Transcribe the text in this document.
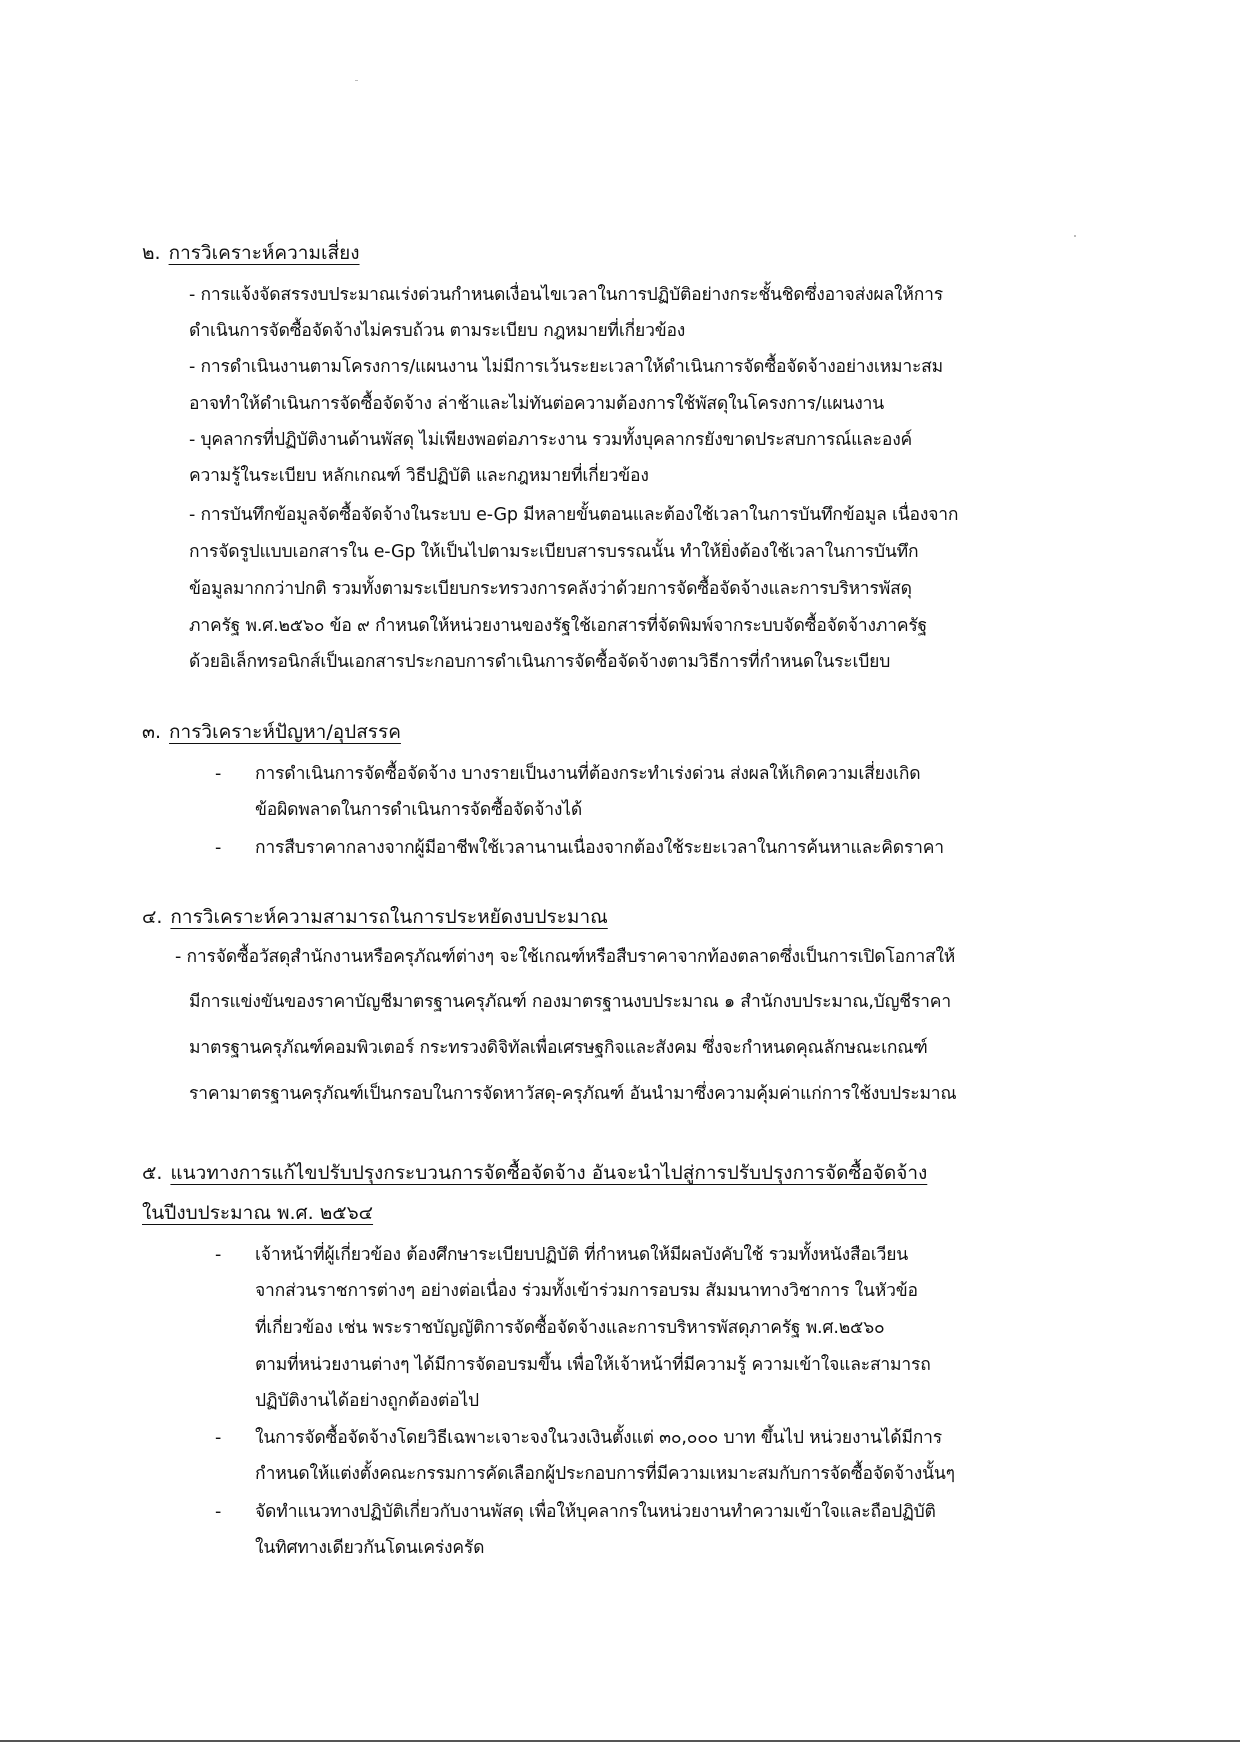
๒. การวิเคราะห์ความเสี่ยง
- การแจ้งจัดสรรงบประมาณเร่งด่วนกำหนดเงื่อนไขเวลาในการปฏิบัติอย่างกระชั้นชิดซึ่งอาจส่งผลให้การ
ดำเนินการจัดซื้อจัดจ้างไม่ครบถ้วน ตามระเบียบ กฎหมายที่เกี่ยวข้อง
- การดำเนินงานตามโครงการ/แผนงาน ไม่มีการเว้นระยะเวลาให้ดำเนินการจัดซื้อจัดจ้างอย่างเหมาะสม
อาจทำให้ดำเนินการจัดซื้อจัดจ้าง ล่าช้าและไม่ทันต่อความต้องการใช้พัสดุในโครงการ/แผนงาน
- บุคลากรที่ปฏิบัติงานด้านพัสดุ ไม่เพียงพอต่อภาระงาน รวมทั้งบุคลากรยังขาดประสบการณ์และองค์
ความรู้ในระเบียบ หลักเกณฑ์ วิธีปฏิบัติ และกฎหมายที่เกี่ยวข้อง
- การบันทึกข้อมูลจัดซื้อจัดจ้างในระบบ e-Gp มีหลายขั้นตอนและต้องใช้เวลาในการบันทึกข้อมูล เนื่องจาก
การจัดรูปแบบเอกสารใน e-Gp ให้เป็นไปตามระเบียบสารบรรณนั้น ทำให้ยิ่งต้องใช้เวลาในการบันทึก
ข้อมูลมากกว่าปกติ รวมทั้งตามระเบียบกระทรวงการคลังว่าด้วยการจัดซื้อจัดจ้างและการบริหารพัสดุ
ภาครัฐ พ.ศ.๒๕๖๐ ข้อ ๙ กำหนดให้หน่วยงานของรัฐใช้เอกสารที่จัดพิมพ์จากระบบจัดซื้อจัดจ้างภาครัฐ
ด้วยอิเล็กทรอนิกส์เป็นเอกสารประกอบการดำเนินการจัดซื้อจัดจ้างตามวิธีการที่กำหนดในระเบียบ
๓. การวิเคราะห์ปัญหา/อุปสรรค
- การดำเนินการจัดซื้อจัดจ้าง บางรายเป็นงานที่ต้องกระทำเร่งด่วน ส่งผลให้เกิดความเสี่ยงเกิด
ข้อผิดพลาดในการดำเนินการจัดซื้อจัดจ้างได้
- การสืบราคากลางจากผู้มีอาชีพใช้เวลานานเนื่องจากต้องใช้ระยะเวลาในการค้นหาและคิดราคา
๔. การวิเคราะห์ความสามารถในการประหยัดงบประมาณ
- การจัดซื้อวัสดุสำนักงานหรือครุภัณฑ์ต่างๆ จะใช้เกณฑ์หรือสืบราคาจากท้องตลาดซึ่งเป็นการเปิดโอกาสให้
มีการแข่งขันของราคาบัญชีมาตรฐานครุภัณฑ์ กองมาตรฐานงบประมาณ ๑ สำนักงบประมาณ,บัญชีราคา
มาตรฐานครุภัณฑ์คอมพิวเตอร์ กระทรวงดิจิทัลเพื่อเศรษฐกิจและสังคม ซึ่งจะกำหนดคุณลักษณะเกณฑ์
ราคามาตรฐานครุภัณฑ์เป็นกรอบในการจัดหาวัสดุ-ครุภัณฑ์ อันนำมาซึ่งความคุ้มค่าแก่การใช้งบประมาณ
๕. แนวทางการแก้ไขปรับปรุงกระบวนการจัดซื้อจัดจ้าง อันจะนำไปสู่การปรับปรุงการจัดซื้อจัดจ้าง
ในปีงบประมาณ พ.ศ. ๒๕๖๔
- เจ้าหน้าที่ผู้เกี่ยวข้อง ต้องศึกษาระเบียบปฏิบัติ ที่กำหนดให้มีผลบังคับใช้ รวมทั้งหนังสือเวียน
จากส่วนราชการต่างๆ อย่างต่อเนื่อง ร่วมทั้งเข้าร่วมการอบรม สัมมนาทางวิชาการ ในหัวข้อ
ที่เกี่ยวข้อง เช่น พระราชบัญญัติการจัดซื้อจัดจ้างและการบริหารพัสดุภาครัฐ พ.ศ.๒๕๖๐
ตามที่หน่วยงานต่างๆ ได้มีการจัดอบรมขึ้น เพื่อให้เจ้าหน้าที่มีความรู้ ความเข้าใจและสามารถ
ปฏิบัติงานได้อย่างถูกต้องต่อไป
- ในการจัดซื้อจัดจ้างโดยวิธีเฉพาะเจาะจงในวงเงินตั้งแต่ ๓๐,๐๐๐ บาท ขึ้นไป หน่วยงานได้มีการ
กำหนดให้แต่งตั้งคณะกรรมการคัดเลือกผู้ประกอบการที่มีความเหมาะสมกับการจัดซื้อจัดจ้างนั้นๆ
- จัดทำแนวทางปฏิบัติเกี่ยวกับงานพัสดุ เพื่อให้บุคลากรในหน่วยงานทำความเข้าใจและถือปฏิบัติ
ในทิศทางเดียวกันโดนเคร่งครัด
